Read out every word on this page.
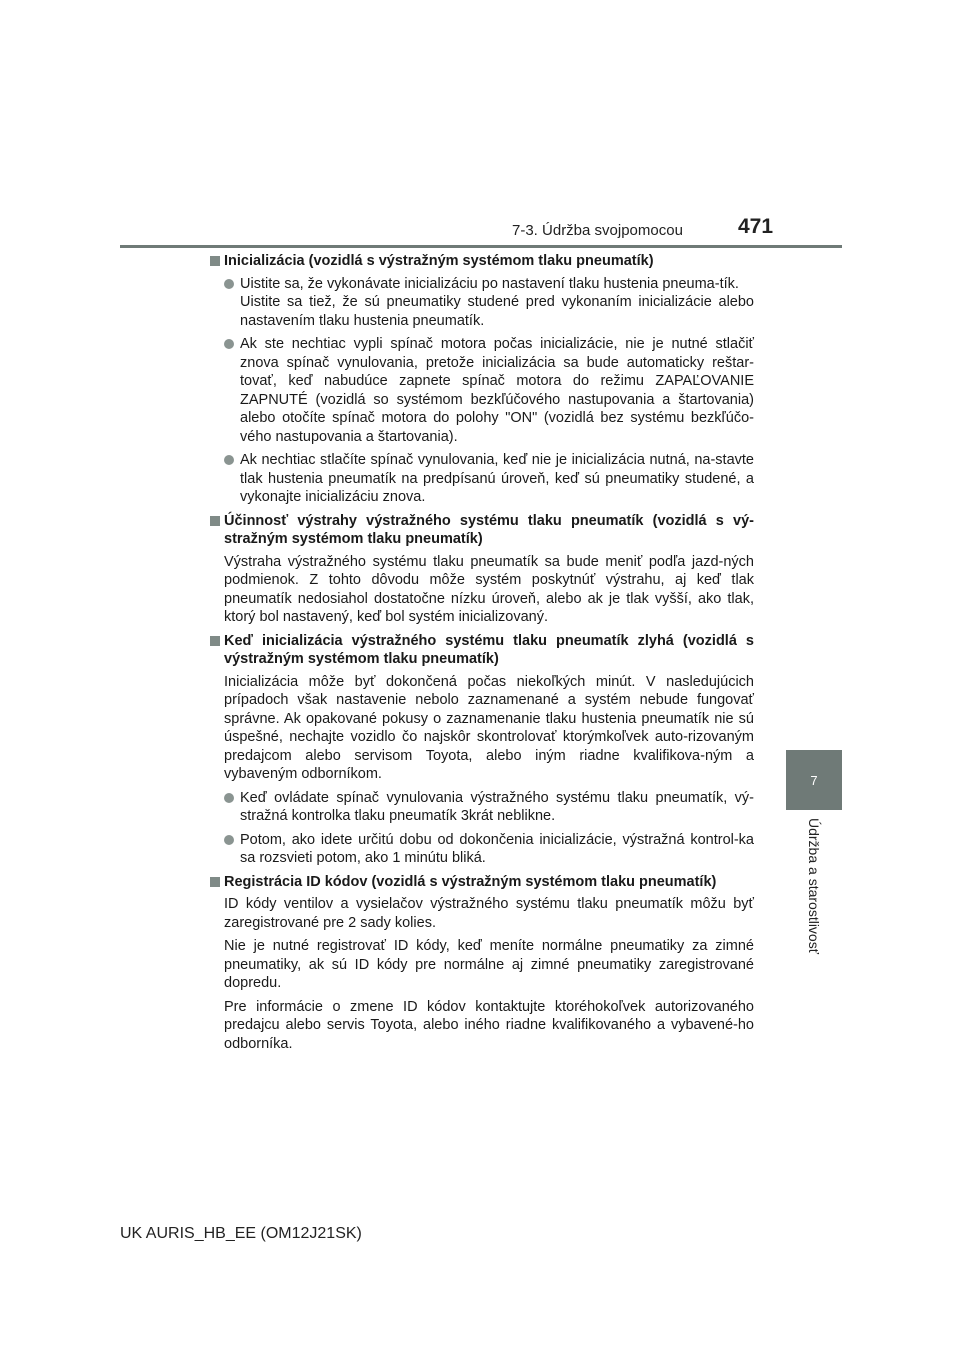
7-3. Údržba svojpomocou	471
7
Údržba a starostlivosť
Inicializácia (vozidlá s výstražným systémom tlaku pneumatík)

Uistite sa, že vykonávate inicializáciu po nastavení tlaku hustenia pneuma-tík.

Uistite sa tiež, že sú pneumatiky studené pred vykonaním inicializácie alebo nastavením tlaku hustenia pneumatík.

Ak ste nechtiac vypli spínač motora počas inicializácie, nie je nutné stlačiť znova spínač vynulovania, pretože inicializácia sa bude automaticky reštar-tovať, keď nabudúce zapnete spínač motora do režimu ZAPAĽOVANIE ZAPNUTÉ (vozidlá so systémom bezkľúčového nastupovania a štartovania) alebo otočíte spínač motora do polohy "ON" (vozidlá bez systému bezkľúčo-vého nastupovania a štartovania).

Ak nechtiac stlačíte spínač vynulovania, keď nie je inicializácia nutná, na-stavte tlak hustenia pneumatík na predpísanú úroveň, keď sú pneumatiky studené, a vykonajte inicializáciu znova.

Účinnosť výstrahy výstražného systému tlaku pneumatík (vozidlá s vý-stražným systémom tlaku pneumatík)

Výstraha výstražného systému tlaku pneumatík sa bude meniť podľa jazd-ných podmienok. Z tohto dôvodu môže systém poskytnúť výstrahu, aj keď tlak pneumatík nedosiahol dostatočne nízku úroveň, alebo ak je tlak vyšší, ako tlak, ktorý bol nastavený, keď bol systém inicializovaný.

Keď inicializácia výstražného systému tlaku pneumatík zlyhá (vozidlá s výstražným systémom tlaku pneumatík)

Inicializácia môže byť dokončená počas niekoľkých minút. V nasledujúcich prípadoch však nastavenie nebolo zaznamenané a systém nebude fungovať správne. Ak opakované pokusy o zaznamenanie tlaku hustenia pneumatík nie sú úspešné, nechajte vozidlo čo najskôr skontrolovať ktorýmkoľvek auto-rizovaným predajcom alebo servisom Toyota, alebo iným riadne kvalifikova-ným a vybaveným odborníkom.

Keď ovládate spínač vynulovania výstražného systému tlaku pneumatík, vý-stražná kontrolka tlaku pneumatík 3krát neblikne.

Potom, ako idete určitú dobu od dokončenia inicializácie, výstražná kontrol-ka sa rozsvieti potom, ako 1 minútu bliká.

Registrácia ID kódov (vozidlá s výstražným systémom tlaku pneumatík)

ID kódy ventilov a vysielačov výstražného systému tlaku pneumatík môžu byť zaregistrované pre 2 sady kolies.

Nie je nutné registrovať ID kódy, keď meníte normálne pneumatiky za zimné pneumatiky, ak sú ID kódy pre normálne aj zimné pneumatiky zaregistrované dopredu.

Pre informácie o zmene ID kódov kontaktujte ktoréhokoľvek autorizovaného predajcu alebo servis Toyota, alebo iného riadne kvalifikovaného a vybavené-ho odborníka.

UK AURIS_HB_EE (OM12J21SK)
